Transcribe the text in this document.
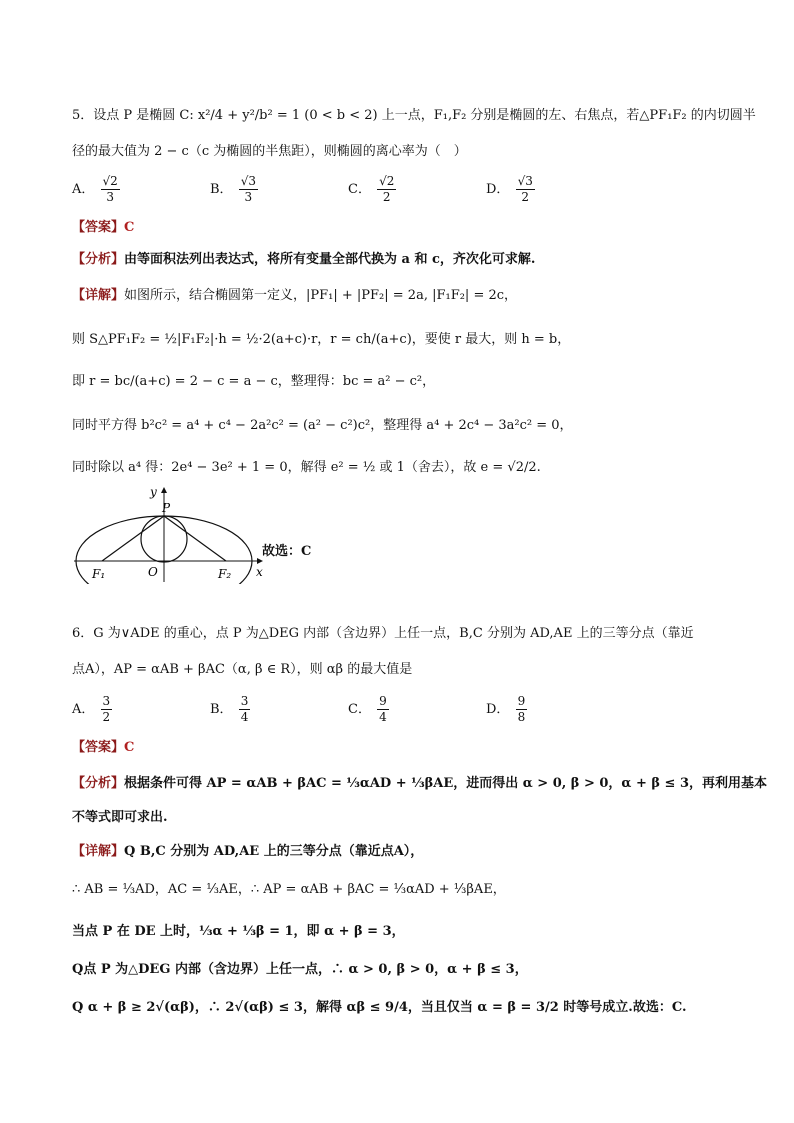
5．设点 P 是椭圆 C: x²/4 + y²/b² = 1 (0 < b < 2) 上一点，F₁,F₂ 分别是椭圆的左、右焦点，若△PF₁F₂ 的内切圆半
径的最大值为 2 − c（c 为椭圆的半焦距），则椭圆的离心率为（　）
A． $\frac{√2}{3}$	B． $\frac{√3}{3}$	C． $\frac{√2}{2}$	D． $\frac{√3}{2}$
【答案】C
【分析】由等面积法列出表达式，将所有变量全部代换为 a 和 c，齐次化可求解.
【详解】如图所示，结合椭圆第一定义，|PF₁| + |PF₂| = 2a, |F₁F₂| = 2c，
则 S△PF₁F₂ = ½|F₁F₂|·h = ½·2(a+c)·r，r = ch/(a+c)，要使 r 最大，则 h = b，
即 r = bc/(a+c) = 2 − c = a − c，整理得：bc = a² − c²，
同时平方得 b²c² = a⁴ + c⁴ − 2a²c² = (a² − c²)c²，整理得 a⁴ + 2c⁴ − 3a²c² = 0，
同时除以 a⁴ 得：2e⁴ − 3e² + 1 = 0，解得 e² = ½ 或 1（舍去），故 e = √2/2.
y
x
P
O
F₁	F₂
故选：C
6．G 为∨ADE 的重心，点 P 为△DEG 内部（含边界）上任一点，B,C 分别为 AD,AE 上的三等分点（靠近
点A），AP = αAB + βAC（α, β ∈ R），则 αβ 的最大值是
A． $\frac{3}{2}$	B． $\frac{3}{4}$	C． $\frac{9}{4}$	D． $\frac{9}{8}$
【答案】C
【分析】根据条件可得 AP = αAB + βAC = ⅓αAD + ⅓βAE，进而得出 α > 0, β > 0，α + β ≤ 3，再利用基本
不等式即可求出.
【详解】Q B,C 分别为 AD,AE 上的三等分点（靠近点A），
∴ AB = ⅓AD，AC = ⅓AE，∴ AP = αAB + βAC = ⅓αAD + ⅓βAE，
当点 P 在 DE 上时，⅓α + ⅓β = 1，即 α + β = 3，
Q点 P 为△DEG 内部（含边界）上任一点，∴ α > 0, β > 0，α + β ≤ 3，
Q α + β ≥ 2√(αβ)，∴ 2√(αβ) ≤ 3，解得 αβ ≤ 9/4，当且仅当 α = β = 3/2 时等号成立.故选：C.
